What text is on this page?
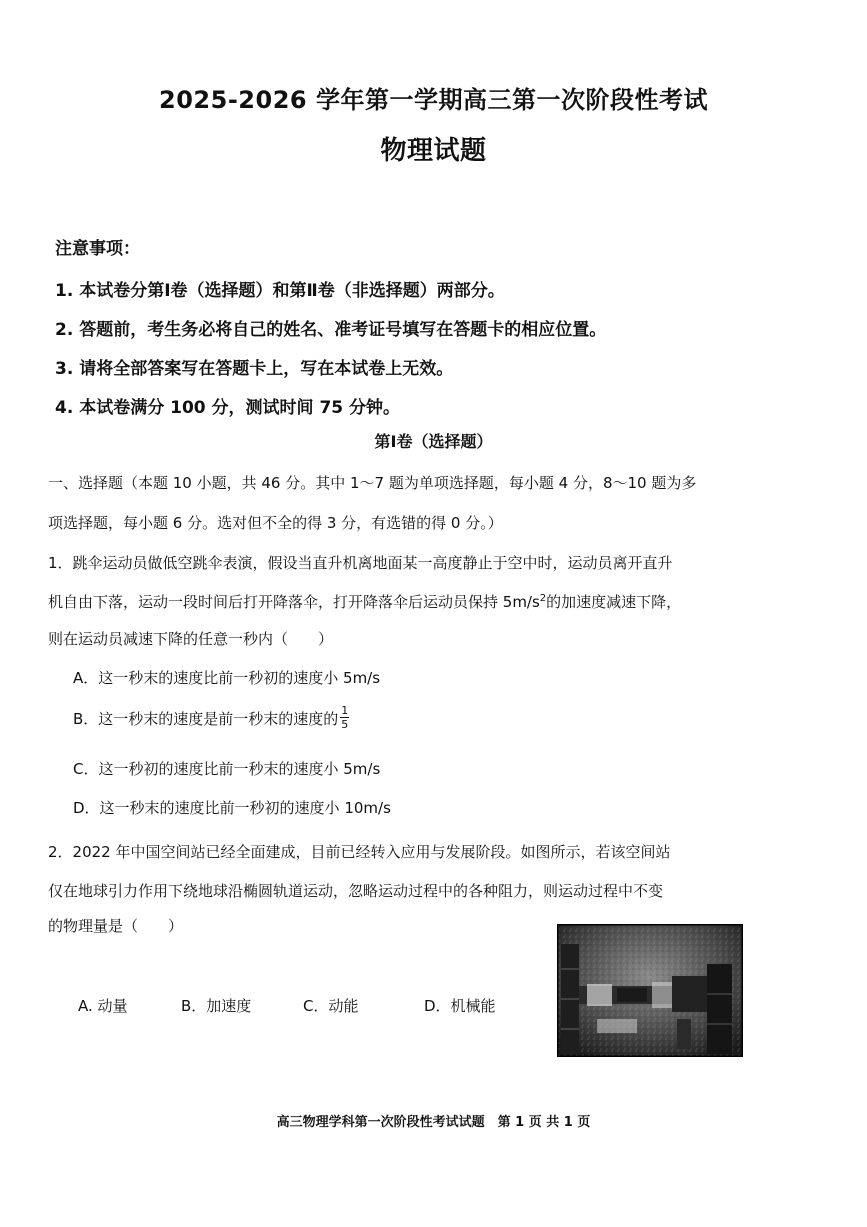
2025-2026 学年第一学期高三第一次阶段性考试
物理试题
注意事项：
1. 本试卷分第Ⅰ卷（选择题）和第Ⅱ卷（非选择题）两部分。
2. 答题前，考生务必将自己的姓名、准考证号填写在答题卡的相应位置。
3. 请将全部答案写在答题卡上，写在本试卷上无效。
4. 本试卷满分 100 分，测试时间 75 分钟。
第Ⅰ卷（选择题）
一、选择题（本题 10 小题，共 46 分。其中 1～7 题为单项选择题，每小题 4 分，8～10 题为多
项选择题，每小题 6 分。选对但不全的得 3 分，有选错的得 0 分。）
1．跳伞运动员做低空跳伞表演，假设当直升机离地面某一高度静止于空中时，运动员离开直升
机自由下落，运动一段时间后打开降落伞，打开降落伞后运动员保持 $5m/s^2$的加速度减速下降，
则在运动员减速下降的任意一秒内（　　）
A．这一秒末的速度比前一秒初的速度小 5m/s
B．这一秒末的速度是前一秒末的速度的 $\frac{1}{5}$
C．这一秒初的速度比前一秒末的速度小 5m/s
D．这一秒末的速度比前一秒初的速度小 10m/s
2．2022 年中国空间站已经全面建成，目前已经转入应用与发展阶段。如图所示，若该空间站
仅在地球引力作用下绕地球沿椭圆轨道运动，忽略运动过程中的各种阻力，则运动过程中不变
的物理量是（　　）
A. 动量	B．加速度	C．动能	D．机械能
高三物理学科第一次阶段性考试试题　第 1 页 共 1 页
